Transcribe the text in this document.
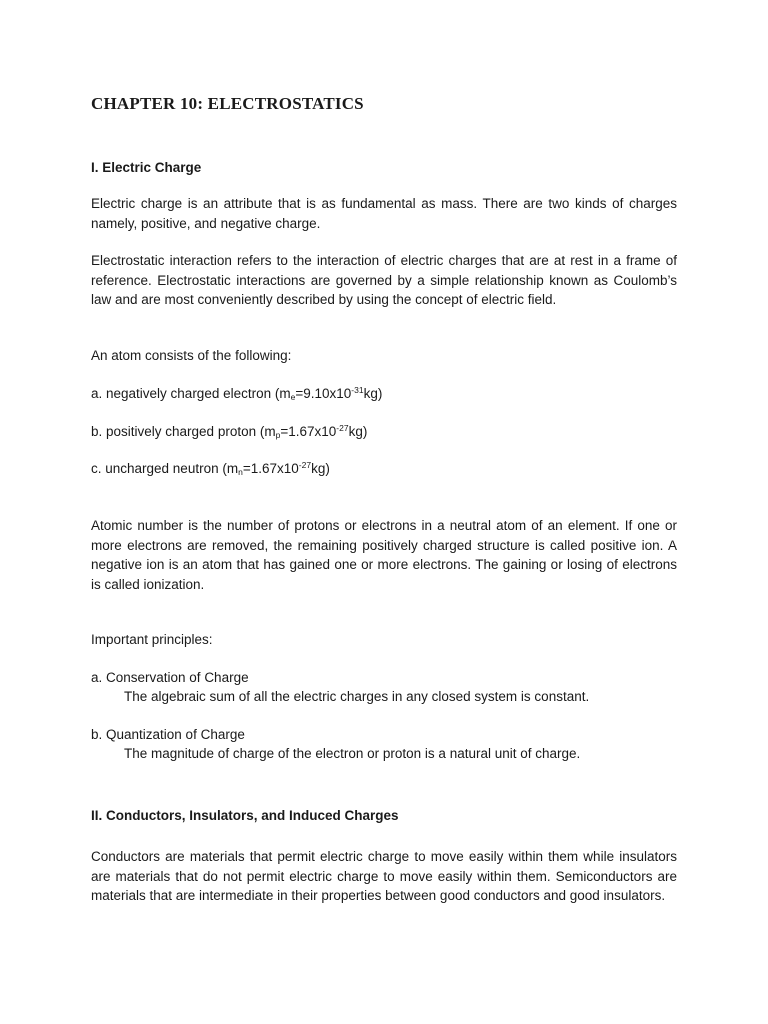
CHAPTER 10: ELECTROSTATICS

I. Electric Charge

Electric charge is an attribute that is as fundamental as mass. There are two kinds of charges namely, positive, and negative charge.

Electrostatic interaction refers to the interaction of electric charges that are at rest in a frame of reference. Electrostatic interactions are governed by a simple relationship known as Coulomb’s law and are most conveniently described by using the concept of electric field.

An atom consists of the following:

a. negatively charged electron $(m_e=9.10x10^{-31}kg)$

b. positively charged proton $(m_p=1.67x10^{-27}kg)$

c. uncharged neutron $(m_n=1.67x10^{-27}kg)$

Atomic number is the number of protons or electrons in a neutral atom of an element. If one or more electrons are removed, the remaining positively charged structure is called positive ion. A negative ion is an atom that has gained one or more electrons. The gaining or losing of electrons is called ionization.

Important principles:

a. Conservation of Charge

The algebraic sum of all the electric charges in any closed system is constant.

b. Quantization of Charge

The magnitude of charge of the electron or proton is a natural unit of charge.

II. Conductors, Insulators, and Induced Charges

Conductors are materials that permit electric charge to move easily within them while insulators are materials that do not permit electric charge to move easily within them. Semiconductors are materials that are intermediate in their properties between good conductors and good insulators.
